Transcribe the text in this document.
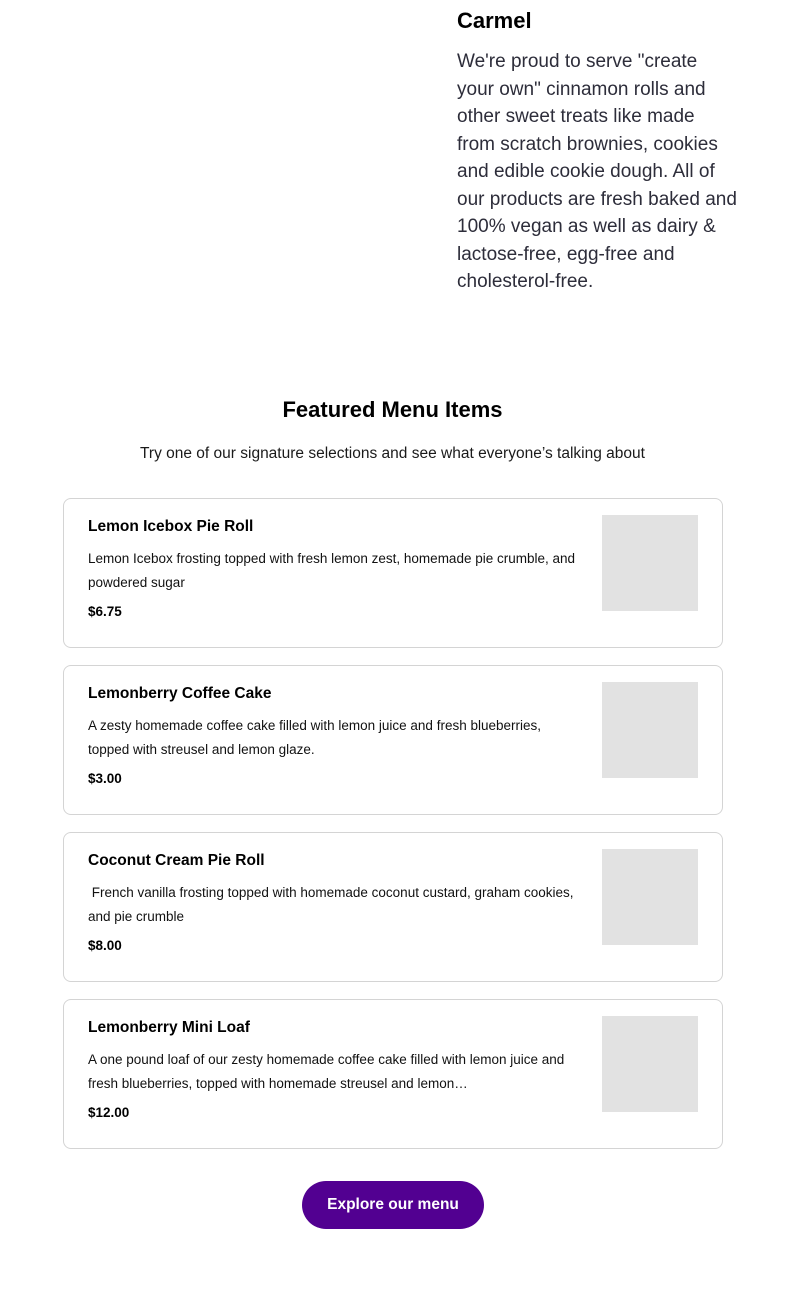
Carmel

We're proud to serve "create your own" cinnamon rolls and other sweet treats like made from scratch brownies, cookies and edible cookie dough. All of our products are fresh baked and 100% vegan as well as dairy & lactose-free, egg-free and cholesterol-free.

Featured Menu Items

Try one of our signature selections and see what everyone’s talking about

Lemon Icebox Pie Roll

Lemon Icebox frosting topped with fresh lemon zest, homemade pie crumble, and powdered sugar

$6.75

Lemonberry Coffee Cake

A zesty homemade coffee cake filled with lemon juice and fresh blueberries, topped with streusel and lemon glaze.

$3.00

Coconut Cream Pie Roll

French vanilla frosting topped with homemade coconut custard, graham cookies, and pie crumble

$8.00

Lemonberry Mini Loaf

A one pound loaf of our zesty homemade coffee cake filled with lemon juice and fresh blueberries, topped with homemade streusel and lemon…

$12.00

Explore our menu
